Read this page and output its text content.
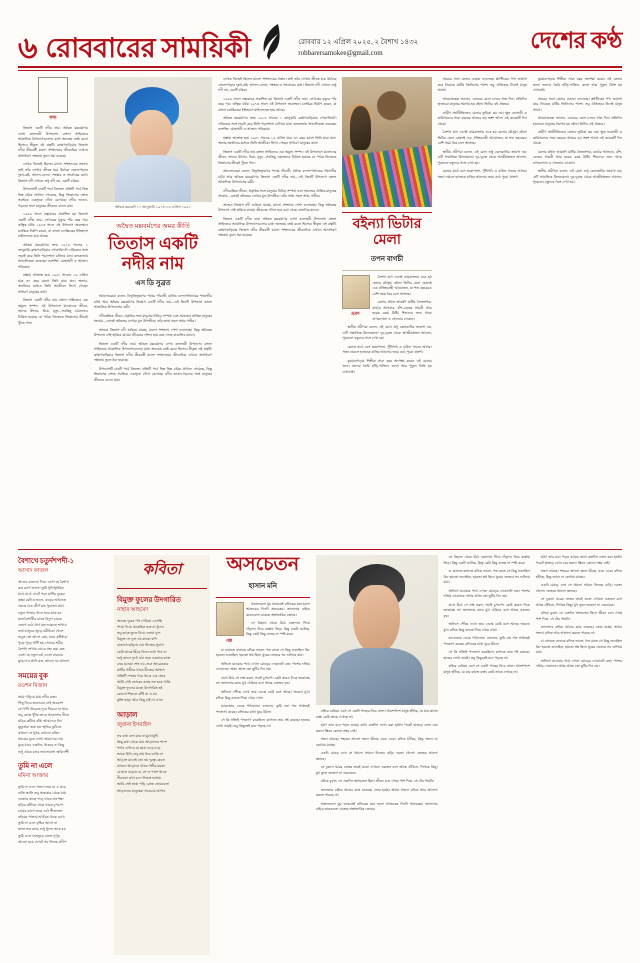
৬ রোববারের সাময়িকী	রোববার ১২ এপ্রিল ২০২৫, ২ বৈশাখ ১৪৩২
robbarersamokee@gmail.com	দেশের কণ্ঠ
গদ্য

তিতাস একটি নদীর নাম। অদ্বৈত মল্লবর্মণের লেখা কালজয়ী উপন্যাস। বাংলা সাহিত্যের আঞ্চলিক উপন্যাসগুলোর মধ্যে অন্যতম শ্রেষ্ঠ রচনা হিসেবে স্বীকৃত এই গ্রন্থটি। ব্রাহ্মণবাড়িয়ার তিতাস নদীর তীরবর্তী মালো সম্প্রদায়ের জীবনচিত্র এখানে অসাধারণ দক্ষতায় তুলে ধরা হয়েছে।

লেখক নিজেই ছিলেন মালো সম্প্রদায়ের সন্তান। তাই তাঁর লেখায় জীবন্ত হয়ে উঠেছে জেলেপাড়ার দুঃখ-কষ্ট, আনন্দ-বেদনা, সংস্কার ও সংগ্রামের কথা। তিতাস নদী এখানে শুধু নদী নয়, একটি চরিত্র।

উপন্যাসটি চারটি পর্বে বিভক্ত। প্রতিটি পর্বে ভিন্ন ভিন্ন চরিত্র প্রাধান্য পেয়েছে, কিন্তু তিতাসের স্রোত সবাইকে একসূত্রে গেঁথে রেখেছে। নদীর ভাঙন-গড়নের সঙ্গে মানুষের জীবনও বদলে যায়।

১৯৫৬ সালে গ্রন্থাকারে প্রকাশিত হয় তিতাস একটি নদীর নাম। লেখকের মৃত্যুর পাঁচ বছর পর। ঋত্বিক ঘটক ১৯৭৩ সালে এই উপন্যাস অবলম্বনে চলচ্চিত্র নির্মাণ করেন, যা বাংলা চলচ্চিত্রের ইতিহাসে মাইলফলক হয়ে আছে।

অদ্বৈত মল্লবর্মণের জন্ম ১৯১৪ সালের ১ জানুয়ারি ব্রাহ্মণবাড়িয়ার গোকর্ণঘাটে। দারিদ্র্যের সঙ্গে লড়াই করে তিনি পড়াশোনা চালিয়ে যান। কলকাতায় সাংবাদিকতা করেছেন নবশক্তি, মোহাম্মদী ও আজাদ পত্রিকায়।

যক্ষ্মায় আক্রান্ত হয়ে ১৯৫১ সালের ১৬ এপ্রিল মাত্র ৩৭ বছর বয়সে তিনি মারা যান। অভাব-অনটনের মধ্যেও তিনি আজীবন লিখে গেছেন সাধারণ মানুষের কথা।

তিতাস একটি নদীর নাম বাংলা সাহিত্যের এক অমূল্য সম্পদ। এই উপন্যাসে মালোদের জীবন, তাদের উৎসব, বিয়ে, মৃত্যু—সবকিছু এমনভাবে চিত্রিত হয়েছে যে পাঠক নিজেকে তিতাসের তীরেই খুঁজে পান।

অদ্বৈত মল্লবর্মণ । ১ জানুয়ারি ১৯১৪-১৬ এপ্রিল ১৯৫১
অদ্বৈত মল্লবর্মণের অমর কীর্তি
তিতাস একটি নদীর নাম
এস ডি সুব্রত

সমালোচকরা বলেন, বিভূতিভূষণের পথের পাঁচালী, মানিক বন্দ্যোপাধ্যায়ের পদ্মানদীর মাঝি আর অদ্বৈত মল্লবর্মণের তিতাস একটি নদীর নাম—এই তিনটি উপন্যাস বাংলা আঞ্চলিক উপন্যাসের ত্রয়ী।

নদীকেন্দ্রিক জীবন, প্রকৃতির সঙ্গে মানুষের নিবিড় সম্পর্ক এবং সমাজের প্রান্তিক মানুষের সংগ্রাম—এসবই অদ্বৈতর লেখার মূল উপজীব্য। তাঁর ভাষা সরল অথচ গভীর।

আজও তিতাস নদী শুকিয়ে যাচ্ছে, মালো সম্প্রদায় পেশা বদলাচ্ছে। কিন্তু অদ্বৈতর উপন্যাস সেই হারিয়ে যাওয়া জীবনের দলিল হয়ে রয়ে গেছে বাঙালির মননে।

তিতাস একটি নদীর নাম। অদ্বৈত মল্লবর্মণের লেখা কালজয়ী উপন্যাস। বাংলা সাহিত্যের আঞ্চলিক উপন্যাসগুলোর মধ্যে অন্যতম শ্রেষ্ঠ রচনা হিসেবে স্বীকৃত এই গ্রন্থটি। ব্রাহ্মণবাড়িয়ার তিতাস নদীর তীরবর্তী মালো সম্প্রদায়ের জীবনচিত্র এখানে অসাধারণ দক্ষতায় তুলে ধরা হয়েছে।

উপন্যাসটি চারটি পর্বে বিভক্ত। প্রতিটি পর্বে ভিন্ন ভিন্ন চরিত্র প্রাধান্য পেয়েছে, কিন্তু তিতাসের স্রোত সবাইকে একসূত্রে গেঁথে রেখেছে। নদীর ভাঙন-গড়নের সঙ্গে মানুষের জীবনও বদলে যায়।

লেখক নিজেই ছিলেন মালো সম্প্রদায়ের সন্তান। তাই তাঁর লেখায় জীবন্ত হয়ে উঠেছে জেলেপাড়ার দুঃখ-কষ্ট, আনন্দ-বেদনা, সংস্কার ও সংগ্রামের কথা। তিতাস নদী এখানে শুধু নদী নয়, একটি চরিত্র।

১৯৫৬ সালে গ্রন্থাকারে প্রকাশিত হয় তিতাস একটি নদীর নাম। লেখকের মৃত্যুর পাঁচ বছর পর। ঋত্বিক ঘটক ১৯৭৩ সালে এই উপন্যাস অবলম্বনে চলচ্চিত্র নির্মাণ করেন, যা বাংলা চলচ্চিত্রের ইতিহাসে মাইলফলক হয়ে আছে।

অদ্বৈত মল্লবর্মণের জন্ম ১৯১৪ সালের ১ জানুয়ারি ব্রাহ্মণবাড়িয়ার গোকর্ণঘাটে। দারিদ্র্যের সঙ্গে লড়াই করে তিনি পড়াশোনা চালিয়ে যান। কলকাতায় সাংবাদিকতা করেছেন নবশক্তি, মোহাম্মদী ও আজাদ পত্রিকায়।

যক্ষ্মায় আক্রান্ত হয়ে ১৯৫১ সালের ১৬ এপ্রিল মাত্র ৩৭ বছর বয়সে তিনি মারা যান। অভাব-অনটনের মধ্যেও তিনি আজীবন লিখে গেছেন সাধারণ মানুষের কথা।

তিতাস একটি নদীর নাম বাংলা সাহিত্যের এক অমূল্য সম্পদ। এই উপন্যাসে মালোদের জীবন, তাদের উৎসব, বিয়ে, মৃত্যু—সবকিছু এমনভাবে চিত্রিত হয়েছে যে পাঠক নিজেকে তিতাসের তীরেই খুঁজে পান।

সমালোচকরা বলেন, বিভূতিভূষণের পথের পাঁচালী, মানিক বন্দ্যোপাধ্যায়ের পদ্মানদীর মাঝি আর অদ্বৈত মল্লবর্মণের তিতাস একটি নদীর নাম—এই তিনটি উপন্যাস বাংলা আঞ্চলিক উপন্যাসের ত্রয়ী।

নদীকেন্দ্রিক জীবন, প্রকৃতির সঙ্গে মানুষের নিবিড় সম্পর্ক এবং সমাজের প্রান্তিক মানুষের সংগ্রাম—এসবই অদ্বৈতর লেখার মূল উপজীব্য। তাঁর ভাষা সরল অথচ গভীর।

আজও তিতাস নদী শুকিয়ে যাচ্ছে, মালো সম্প্রদায় পেশা বদলাচ্ছে। কিন্তু অদ্বৈতর উপন্যাস সেই হারিয়ে যাওয়া জীবনের দলিল হয়ে রয়ে গেছে বাঙালির মননে।

তিতাস একটি নদীর নাম। অদ্বৈত মল্লবর্মণের লেখা কালজয়ী উপন্যাস। বাংলা সাহিত্যের আঞ্চলিক উপন্যাসগুলোর মধ্যে অন্যতম শ্রেষ্ঠ রচনা হিসেবে স্বীকৃত এই গ্রন্থটি। ব্রাহ্মণবাড়িয়ার তিতাস নদীর তীরবর্তী মালো সম্প্রদায়ের জীবনচিত্র এখানে অসাধারণ দক্ষতায় তুলে ধরা হয়েছে।

বইন্যা ভিটার মেলা
তপন বাগচী
ভ্রমণ

বৈশাখ মাস এলেই গ্রামবাংলায় শুরু হয় মেলার মৌসুম। বইন্যা ভিটার মেলা তেমনই এক ঐতিহ্যবাহী আয়োজন, যা শত বছরেরও বেশি সময় ধরে চলে আসছে।

মেলার প্রধান আকর্ষণ মাটির তৈজসপত্র, কাঠের আসবাব, বাঁশ-বেতের সামগ্রী আর হরেক রকম মিষ্টি। শিশুদের জন্য থাকে নাগরদোলা ও খেলনার দোকান।

স্থানীয় প্রবীণরা বলেন, এই মেলা শুধু কেনাকাটার জায়গা নয়; এটি সামাজিক মিলনমেলা। দূর-দূরান্ত থেকে আত্মীয়স্বজন আসেন, পুরোনো বন্ধুদের সঙ্গে দেখা হয়।

মেলার মাঠে বসে যাত্রাপালা, পুঁথিপাঠ ও বাউল গানের আসর। সন্ধ্যা নামলে হ্যাজাক বাতির আলোয় জমে ওঠে পুরো প্রাঙ্গণ।

কুমোরপাড়ার শিল্পীরা সারা বছর অপেক্ষা করেন এই মেলার জন্য। তাদের তৈরি হাঁড়ি-পাতিল, কলস আর পুতুল বিক্রি হয় এখানেই।

সময়ের সঙ্গে মেলার চেহারা বদলেছে। প্লাস্টিকের পণ্য জায়গা করে নিয়েছে মাটির জিনিসের পাশে। তবু ঐতিহ্যের টানেই মানুষ আসে।

আয়োজকরা জানান, এবারের মেলা চলবে সাত দিন। প্রতিদিন হাজারো মানুষের সমাগম হয় বইন্যা ভিটার এই প্রান্তরে।

গ্রামীণ অর্থনীতিতেও মেলার ভূমিকা কম নয়। ক্ষুদ্র ব্যবসায়ী ও কারিগরদের সারা বছরের আয়ের বড় অংশ আসে এই কয়েকটি দিন থেকে।

বৈশাখ মাস এলেই গ্রামবাংলায় শুরু হয় মেলার মৌসুম। বইন্যা ভিটার মেলা তেমনই এক ঐতিহ্যবাহী আয়োজন, যা শত বছরেরও বেশি সময় ধরে চলে আসছে।

স্থানীয় প্রবীণরা বলেন, এই মেলা শুধু কেনাকাটার জায়গা নয়; এটি সামাজিক মিলনমেলা। দূর-দূরান্ত থেকে আত্মীয়স্বজন আসেন, পুরোনো বন্ধুদের সঙ্গে দেখা হয়।

মেলার মাঠে বসে যাত্রাপালা, পুঁথিপাঠ ও বাউল গানের আসর। সন্ধ্যা নামলে হ্যাজাক বাতির আলোয় জমে ওঠে পুরো প্রাঙ্গণ।

কুমোরপাড়ার শিল্পীরা সারা বছর অপেক্ষা করেন এই মেলার জন্য। তাদের তৈরি হাঁড়ি-পাতিল, কলস আর পুতুল বিক্রি হয় এখানেই।

সময়ের সঙ্গে মেলার চেহারা বদলেছে। প্লাস্টিকের পণ্য জায়গা করে নিয়েছে মাটির জিনিসের পাশে। তবু ঐতিহ্যের টানেই মানুষ আসে।

আয়োজকরা জানান, এবারের মেলা চলবে সাত দিন। প্রতিদিন হাজারো মানুষের সমাগম হয় বইন্যা ভিটার এই প্রান্তরে।

গ্রামীণ অর্থনীতিতেও মেলার ভূমিকা কম নয়। ক্ষুদ্র ব্যবসায়ী ও কারিগরদের সারা বছরের আয়ের বড় অংশ আসে এই কয়েকটি দিন থেকে।

মেলার প্রধান আকর্ষণ মাটির তৈজসপত্র, কাঠের আসবাব, বাঁশ-বেতের সামগ্রী আর হরেক রকম মিষ্টি। শিশুদের জন্য থাকে নাগরদোলা ও খেলনার দোকান।

স্থানীয় প্রবীণরা বলেন, এই মেলা শুধু কেনাকাটার জায়গা নয়; এটি সামাজিক মিলনমেলা। দূর-দূরান্ত থেকে আত্মীয়স্বজন আসেন, পুরোনো বন্ধুদের সঙ্গে দেখা হয়।

বৈশাখে চতুর্দশপদী-১
আসাদ কাজল
আগুন ঝরানো দিনে এসো হে বৈশাখ
রুদ্র রূপে জাগো তুমি ধূলিধূসরিত
মাঠে মাঠে ফেটে পড়া মাটির বুকের
তৃষ্ণা মেটাও জলে, ঝড়ের আঘাতে
ভেঙে দাও জীর্ণ যত পুরাতন কথা
নতুন পাতার গানে ভরে যাক বন
কালবৈশাখীর রাতে বিদ্যুৎ চমকে
জেগে ওঠে প্রাণ যত শুকনো শাখায়
তপ্ত বালুচর জুড়ে মরীচিকা খেলে
তবুও তো আসে মেঘ, নামে বৃষ্টিধারা
পুড়ে পুড়ে খাঁটি হয় সোনার শরীর
বৈশাখ শেখায় মোরে সহ্য করা ব্রত
এসো হে নতুন বর্ষ, এসো বারবার
মুছে দাও গ্লানি যত, আনো নব আলো
সময়ের বুক
রওশন মিজান
সময় গড়িয়ে যায় নদীর মতন
পিছু ফিরে তাকাবার নেই অবকাশ
যে পাখি উড়েছে দূরে ফিরবে না আর
তবু রোজ খুঁজি তারে আকাশের নীলে
ঘড়ির কাঁটায় বাঁধা আমাদের দিন
মুহূর্তেরা জমা হয় স্মৃতির কুঠিতে
কখনো সে ধূসর, কখনো রঙিন
সময়ের বুকে লেখা আমাদের নাম
মুছে যাবে একদিন, থাকবে না কিছু
শুধু থেকে যাবে ভালোবাসা অবিনাশী
তুমি না এলে
মমিনা আক্তার
তুমি না এলে সন্ধ্যা নামে না এ ঘরে
বাতি জ্বালি তবু অন্ধকার থেকে যায়
দরজার কাছে পড়ে থাকে অপেক্ষা
ঘড়ির কাঁটারা থেমে থাকে চুপচাপ
চায়ের কাপে জমে ওঠে শীতলতা
বইয়ের পাতায় আটকে থাকে চোখ
তুমি না এলে বৃষ্টিও আসে না
জানালার কাচে শুধু ধুলো জমে রয়
তুমি এলে ঘরজুড়ে বাজে নূপুর
আলো হয়ে ফোটে সব নিভন্ত প্রদীপ
কবিতা
বিমুক্ত ফুলের উদগারিত
নাহার আহমেদ
অনেক দূরের পথ পেরিয়ে এসেছি
পায়ে পায়ে জমেছিল কত না ধুলো
তবু হাতে তুলে নিয়ে এলাম ফুল
বিমুক্ত সে ফুল নয় কারো বন্দি
বাতাসে ছড়িয়ে দেয় নিজের সুবাস
কেউ তাকে ছিঁড়ে নিলে ব্যথা পায় না
শুধু জানে ফুটে ওঠা তার একমাত্র কাজ
ঝরে যাওয়া শেষ নয়, শুরু আরেকবার
মাটির গভীরে থাকে বীজের আশ্বাস
প্রতিটি শেষের পরে থাকে এক ভোর
আমি সেই ভোরের কাছে নত হয়ে থাকি
বিমুক্ত ফুলের মতো উদগারিত হই
কোনো শিকলে বাঁধি না এ মন
মুক্তি ছাড়া আর কিছু চাই না এখন
আড়াল
জুবানা ইসমাইল
সব কথা বলা যায় না মুখোমুখি
কিছু কথা থেকে যায় আড়ালের পাশে
পর্দার ওপারে যে ছায়া নড়ে চড়ে
তাকে চিনি, তবু নাম ধরে ডাকি না
আড়াল মানেই তো নয় দূরত্ব কেবল
কখনো আড়ালে থাকে গভীর মমতা
যে হাত বাড়ায় না, সে-ও পাশে থাকে
নীরবতা কথা বলে নিজস্ব ভাষায়
আমি সেই ভাষা পড়ি রোজ ভোরবেলা
আড়ালের মানুষেরা সবচেয়ে আপন
অসচেতন
হাসান মনি
গল্প

সকালবেলা ঘুম ভাঙতেই রফিকের মনে হলো আজকের দিনটা অন্যরকম। জানালার বাইরে কাকগুলো ডাকছে অস্বাভাবিক জোরে।

সে বিছানা থেকে উঠে বারান্দায় গিয়ে দাঁড়াল। নিচে রাস্তায় ভিড়। কিছু একটা ঘটেছে, কিন্তু কেউ কিছু বলছে না স্পষ্ট করে।

চা বানাতে বানাতে রফিক ভাবল, গত রাতে সে কিছু শুনেছিল কি? হয়তো শুনেছিল, হয়তো স্বপ্ন ছিল। ঘুমের ভেতরে সব গুলিয়ে যায়।

অফিসে যাওয়ার পথে দেখল মোড়ের দোকানটা বন্ধ। পাশের দর্জির দোকানও। অথচ আজ তো ছুটির দিন নয়।

বাসে উঠে সে লক্ষ করল, সবাই চুপচাপ। কেউ কারও দিকে তাকাচ্ছে না। জানালার কাচে মুখ ঠেকিয়ে বসে আছে একজন বৃদ্ধ।

অফিসে পৌঁছে দেখে তার ডেস্কে কেউ বসে আছে। অচেনা মুখ। রফিক কিছু বলতে গিয়ে থেমে গেল।

ম্যানেজার ডেকে পাঠালেন। বললেন, তুমি তো গত সপ্তাহেই পদত্যাগ করেছ। রফিকের মাথা ঘুরে উঠল।

সে কি সত্যিই পদত্যাগ করেছিল? কাগজে তার সই রয়েছে। হাতের লেখা তারই। তবু কিছুতেই মনে পড়ছে না।

বাইরে বেরিয়ে এসে সে একটা গাছের নিচে বসল। আশেপাশে মানুষ হাঁটছে, যে যার কাজে ব্যস্ত। কেউ তাকে দেখছে না।

হঠাৎ তার মনে পড়ল মায়ের কথা। কতদিন ফোন করা হয়নি। পকেট হাতড়ে ফোন বের করল। স্ক্রিনে কোনো নম্বর নেই।

সন্ধ্যা নামছে। শহরের আলো জ্বলে উঠছে একে একে। রফিক হাঁটছে, কিন্তু জানে না কোথায় যাচ্ছে।

একটা মোড়ে এসে সে থামল। সামনে নিজের বাড়ি। দরজা খোলা। ভেতরে আলো জ্বলছে।

সে ঢুকল। ঘরের ভেতর তারই মতো দেখতে একজন বসে আছে টেবিলে, লিখছে কিছু। মুখ তুলে তাকাল না একবারও।

রফিক বুঝল, সে এতদিন অসচেতন ছিল। জীবন চলে গেছে পাশ দিয়ে, সে টের পায়নি।

জানালার বাইরে আবার কাক ডাকছে। ভোর হচ্ছে। অথবা সন্ধ্যা। রফিক আর আলাদা করতে পারছে না।

সকালবেলা ঘুম ভাঙতেই রফিকের মনে হলো আজকের দিনটা অন্যরকম। জানালার বাইরে কাকগুলো ডাকছে অস্বাভাবিক জোরে।

সে বিছানা থেকে উঠে বারান্দায় গিয়ে দাঁড়াল। নিচে রাস্তায় ভিড়। কিছু একটা ঘটেছে, কিন্তু কেউ কিছু বলছে না স্পষ্ট করে।

চা বানাতে বানাতে রফিক ভাবল, গত রাতে সে কিছু শুনেছিল কি? হয়তো শুনেছিল, হয়তো স্বপ্ন ছিল। ঘুমের ভেতরে সব গুলিয়ে যায়।

অফিসে যাওয়ার পথে দেখল মোড়ের দোকানটা বন্ধ। পাশের দর্জির দোকানও। অথচ আজ তো ছুটির দিন নয়।

বাসে উঠে সে লক্ষ করল, সবাই চুপচাপ। কেউ কারও দিকে তাকাচ্ছে না। জানালার কাচে মুখ ঠেকিয়ে বসে আছে একজন বৃদ্ধ।

অফিসে পৌঁছে দেখে তার ডেস্কে কেউ বসে আছে। অচেনা মুখ। রফিক কিছু বলতে গিয়ে থেমে গেল।

ম্যানেজার ডেকে পাঠালেন। বললেন, তুমি তো গত সপ্তাহেই পদত্যাগ করেছ। রফিকের মাথা ঘুরে উঠল।

সে কি সত্যিই পদত্যাগ করেছিল? কাগজে তার সই রয়েছে। হাতের লেখা তারই। তবু কিছুতেই মনে পড়ছে না।

বাইরে বেরিয়ে এসে সে একটা গাছের নিচে বসল। আশেপাশে মানুষ হাঁটছে, যে যার কাজে ব্যস্ত। কেউ তাকে দেখছে না।

হঠাৎ তার মনে পড়ল মায়ের কথা। কতদিন ফোন করা হয়নি। পকেট হাতড়ে ফোন বের করল। স্ক্রিনে কোনো নম্বর নেই।

সন্ধ্যা নামছে। শহরের আলো জ্বলে উঠছে একে একে। রফিক হাঁটছে, কিন্তু জানে না কোথায় যাচ্ছে।

একটা মোড়ে এসে সে থামল। সামনে নিজের বাড়ি। দরজা খোলা। ভেতরে আলো জ্বলছে।

সে ঢুকল। ঘরের ভেতর তারই মতো দেখতে একজন বসে আছে টেবিলে, লিখছে কিছু। মুখ তুলে তাকাল না একবারও।

রফিক বুঝল, সে এতদিন অসচেতন ছিল। জীবন চলে গেছে পাশ দিয়ে, সে টের পায়নি।

জানালার বাইরে আবার কাক ডাকছে। ভোর হচ্ছে। অথবা সন্ধ্যা। রফিক আর আলাদা করতে পারছে না।

চা বানাতে বানাতে রফিক ভাবল, গত রাতে সে কিছু শুনেছিল কি? হয়তো শুনেছিল, হয়তো স্বপ্ন ছিল। ঘুমের ভেতরে সব গুলিয়ে যায়।

অফিসে যাওয়ার পথে দেখল মোড়ের দোকানটা বন্ধ। পাশের দর্জির দোকানও। অথচ আজ তো ছুটির দিন নয়।
